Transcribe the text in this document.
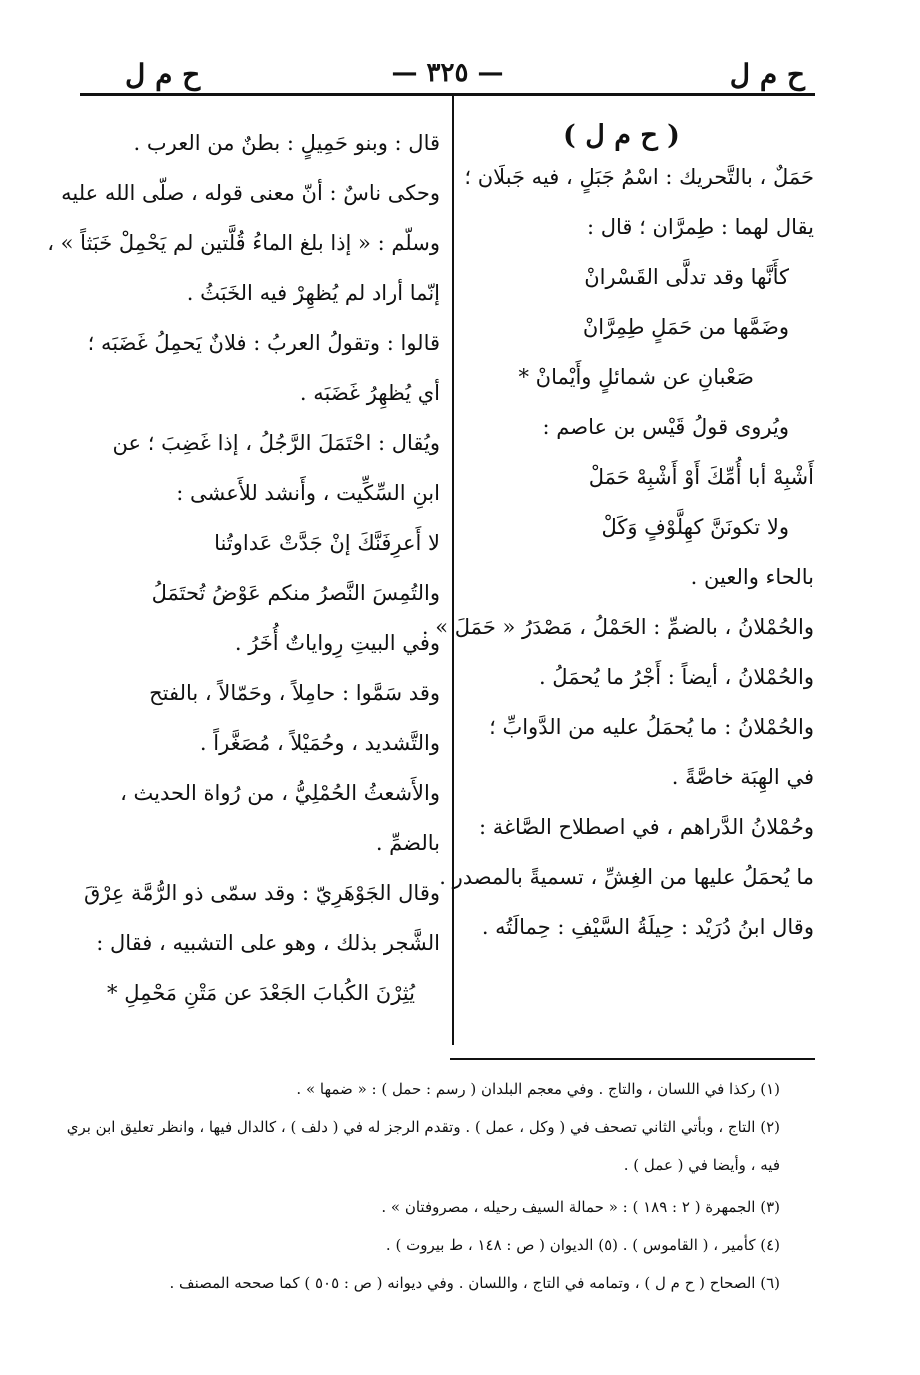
ح م ل
— ٣٢٥ —
ح م ل
( ح م ل )
حَمَلٌ ، بالتَّحريك : اسْمُ جَبَلٍ ، فيه جَبلَان ؛
يقال لهما : طِمرَّان ؛ قال :
كأَنَّها وقد تدلَّى القَسْرانْ
وضَمَّها من حَمَلٍ طِمِرَّانْ
صَعْبانِ عن شمائلٍ وأَيْمانْ *
ويُروى قولُ قَيْس بن عاصم :
أَشْبِهْ أبا أُمِّكَ أَوْ أَشْبِهْ حَمَلْ
ولا تكونَنَّ كهِلَّوْفٍ وَكَلْ
بالحاء والعين .
والحُمْلانُ ، بالضمِّ : الحَمْلُ ، مَصْدَرُ « حَمَلَ » .
والحُمْلانُ ، أيضاً : أَجْرُ ما يُحمَلُ .
والحُمْلانُ : ما يُحمَلُ عليه من الدَّوابِّ ؛
في الهِبَة خاصَّةً .
وحُمْلانُ الدَّراهم ، في اصطلاح الصَّاغة :
ما يُحمَلُ عليها من الغِشِّ ، تسميةً بالمصدر .
وقال ابنُ دُرَيْد : حِيلَةُ السَّيْفِ : حِمالَتُه .
قال : وبنو حَمِيلٍ : بطنٌ من العرب .
وحكى ناسٌ : أنّ معنى قوله ، صلّى الله عليه
وسلّم : « إذا بلغ الماءُ قُلَّتين لم يَحْمِلْ خَبَثاً » ،
إنّما أراد لم يُظهِرْ فيه الخَبَثُ .
قالوا : وتقولُ العربُ : فلانٌ يَحمِلُ غَضَبَه ؛
أي يُظهِرُ غَضَبَه .
ويُقال : احْتَمَلَ الرَّجُلُ ، إذا غَضِبَ ؛ عن
ابنِ السِّكِّيت ، وأَنشد للأَعشى :
لا أَعرِفَنَّكَ إنْ جَدَّتْ عَداوتُنا
والتُمِسَ النَّصرُ منكم عَوْضُ تُحتَمَلُ
وفي البيتِ رِواياتٌ أُخَرُ .
وقد سَمَّوا : حامِلاً ، وحَمّالاً ، بالفتح
والتَّشديد ، وحُمَيْلاً ، مُصَغَّراً .
والأَشعثُ الحُمْلِيُّ ، من رُواة الحديث ،
بالضمِّ .
وقال الجَوْهَرِيّ : وقد سمّى ذو الرُّمَّة عِرْقَ
الشَّجر بذلك ، وهو على التشبيه ، فقال :
يُثِرْنَ الكُبابَ الجَعْدَ عن مَتْنِ مَحْمِلِ *
(١) ركذا في اللسان ، والتاج . وفي معجم البلدان ( رسم : حمل ) : « ضمها » .
(٢) التاج ، وبأتي الثاني تصحف في ( وكل ، عمل ) . وتقدم الرجز له في ( دلف ) ، كالدال فيها ، وانظر تعليق ابن بري
فيه ، وأيضا في ( عمل ) .
(٣) الجمهرة ( ٢ : ١٨٩ ) : « حمالة السيف رحيله ، مصروفتان » .
(٤) كأمير ، ( القاموس ) . (٥) الديوان ( ص : ١٤٨ ، ط بيروت ) .
(٦) الصحاح ( ح م ل ) ، وتمامه في التاج ، واللسان . وفي ديوانه ( ص : ٥٠٥ ) كما صححه المصنف .
